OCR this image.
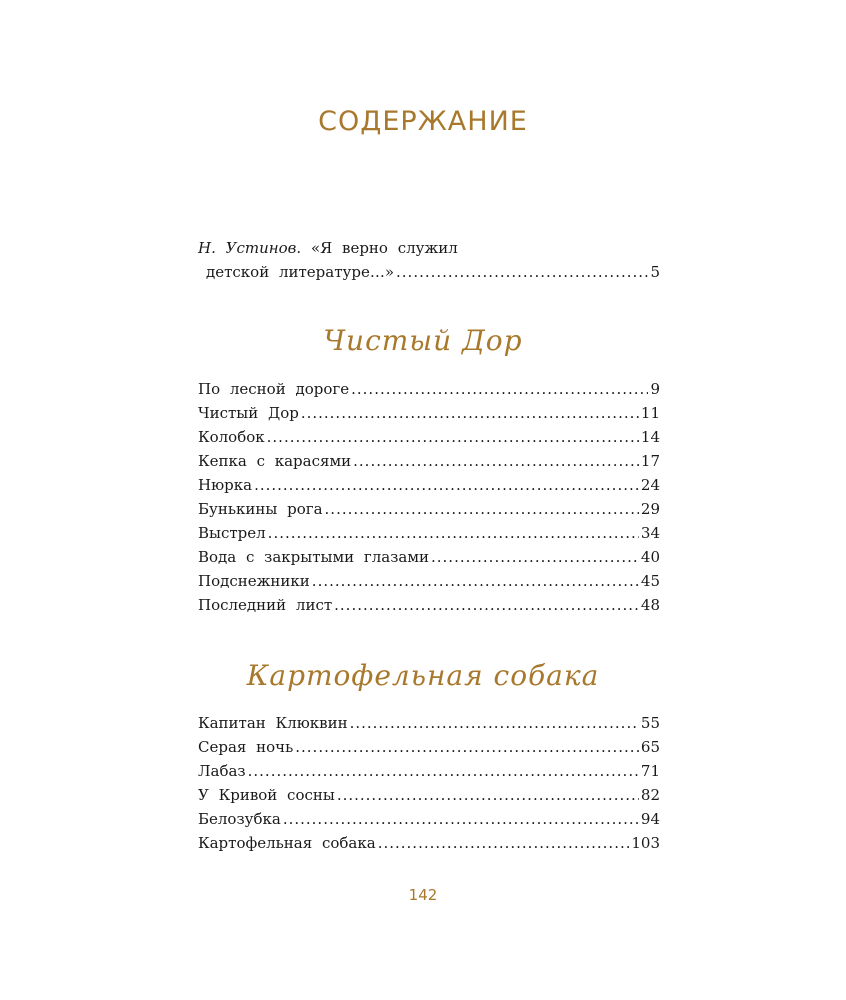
СОДЕРЖАНИЕ
Н. Устинов. «Я верно служил
детской литературе…» .....	5
Чистый Дор
По лесной дороге .....	9
Чистый Дор .....	11
Колобок .....	14
Кепка с карасями .....	17
Нюрка .....	24
Бунькины рога .....	29
Выстрел .....	34
Вода с закрытыми глазами .....	40
Подснежники .....	45
Последний лист .....	48
Картофельная собака
Капитан Клюквин .....	55
Серая ночь .....	65
Лабаз .....	71
У Кривой сосны .....	82
Белозубка .....	94
Картофельная собака .....	103
142
